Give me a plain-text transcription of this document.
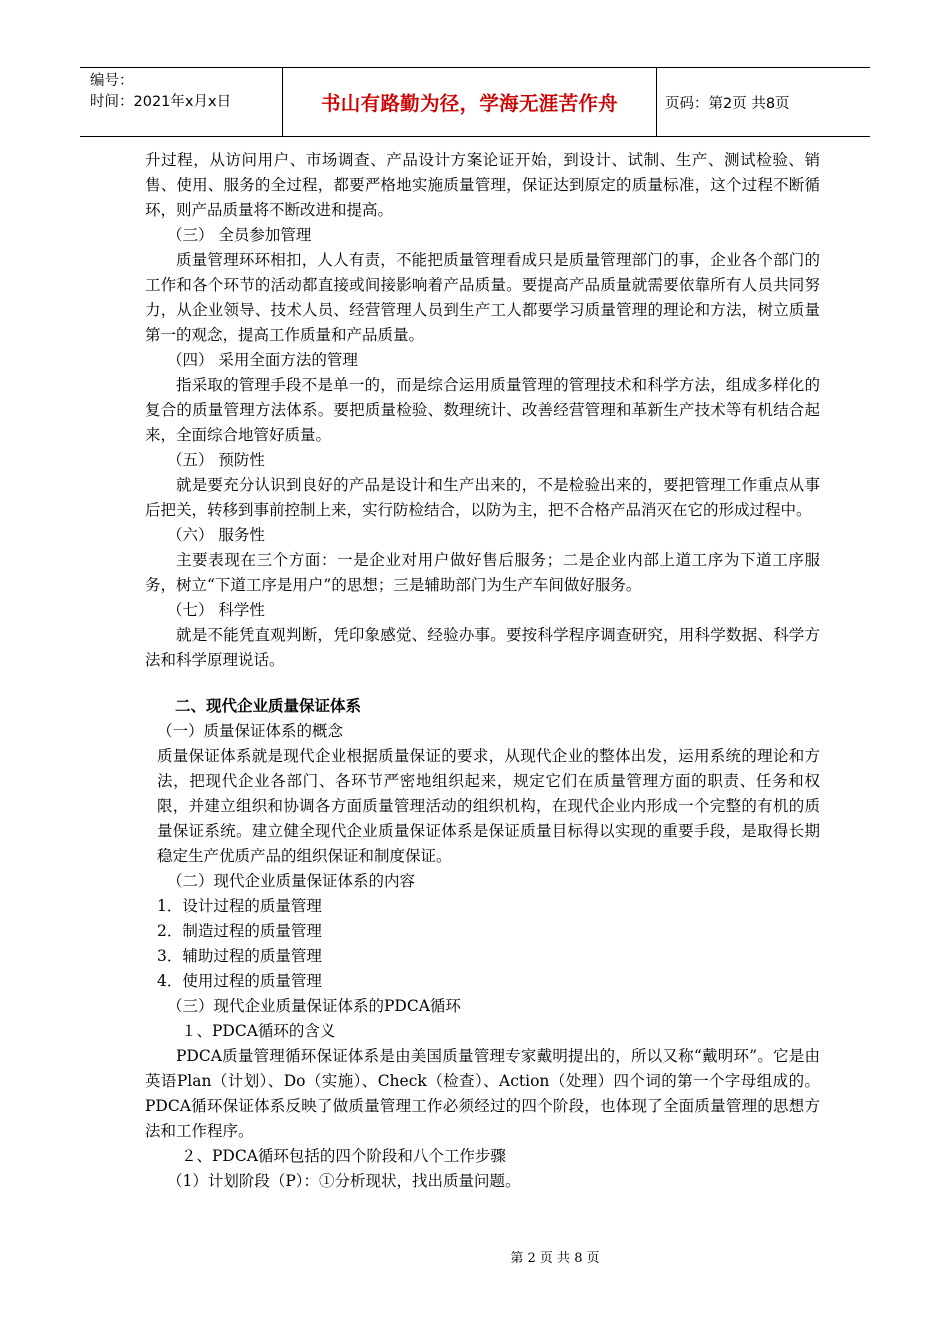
编号：
时间：2021年x月x日	书山有路勤为径，学海无涯苦作舟	页码：第2页 共8页

升过程，从访问用户、市场调查、产品设计方案论证开始，到设计、试制、生产、测试检验、销售、使用、服务的全过程，都要严格地实施质量管理，保证达到原定的质量标准，这个过程不断循环，则产品质量将不断改进和提高。

（三） 全员参加管理

质量管理环环相扣，人人有责，不能把质量管理看成只是质量管理部门的事，企业各个部门的工作和各个环节的活动都直接或间接影响着产品质量。要提高产品质量就需要依靠所有人员共同努力，从企业领导、技术人员、经营管理人员到生产工人都要学习质量管理的理论和方法，树立质量第一的观念，提高工作质量和产品质量。

（四） 采用全面方法的管理

指采取的管理手段不是单一的，而是综合运用质量管理的管理技术和科学方法，组成多样化的复合的质量管理方法体系。要把质量检验、数理统计、改善经营管理和革新生产技术等有机结合起来，全面综合地管好质量。

（五） 预防性

就是要充分认识到良好的产品是设计和生产出来的，不是检验出来的，要把管理工作重点从事后把关，转移到事前控制上来，实行防检结合，以防为主，把不合格产品消灭在它的形成过程中。

（六） 服务性

主要表现在三个方面：一是企业对用户做好售后服务；二是企业内部上道工序为下道工序服务，树立“下道工序是用户”的思想；三是辅助部门为生产车间做好服务。

（七） 科学性

就是不能凭直观判断，凭印象感觉、经验办事。要按科学程序调查研究，用科学数据、科学方法和科学原理说话。

二、现代企业质量保证体系

（一）质量保证体系的概念

质量保证体系就是现代企业根据质量保证的要求，从现代企业的整体出发，运用系统的理论和方法，把现代企业各部门、各环节严密地组织起来，规定它们在质量管理方面的职责、任务和权限，并建立组织和协调各方面质量管理活动的组织机构，在现代企业内形成一个完整的有机的质量保证系统。建立健全现代企业质量保证体系是保证质量目标得以实现的重要手段，是取得长期稳定生产优质产品的组织保证和制度保证。

（二）现代企业质量保证体系的内容

1．设计过程的质量管理

2．制造过程的质量管理

3．辅助过程的质量管理

4．使用过程的质量管理

（三）现代企业质量保证体系的PDCA循环

１、PDCA循环的含义

PDCA质量管理循环保证体系是由美国质量管理专家戴明提出的，所以又称“戴明环”。它是由英语Plan（计划）、Do（实施）、Check（检查）、Action（处理）四个词的第一个字母组成的。PDCA循环保证体系反映了做质量管理工作必须经过的四个阶段，也体现了全面质量管理的思想方法和工作程序。

２、PDCA循环包括的四个阶段和八个工作步骤

（1）计划阶段（P）：①分析现状，找出质量问题。

第 2 页 共 8 页
